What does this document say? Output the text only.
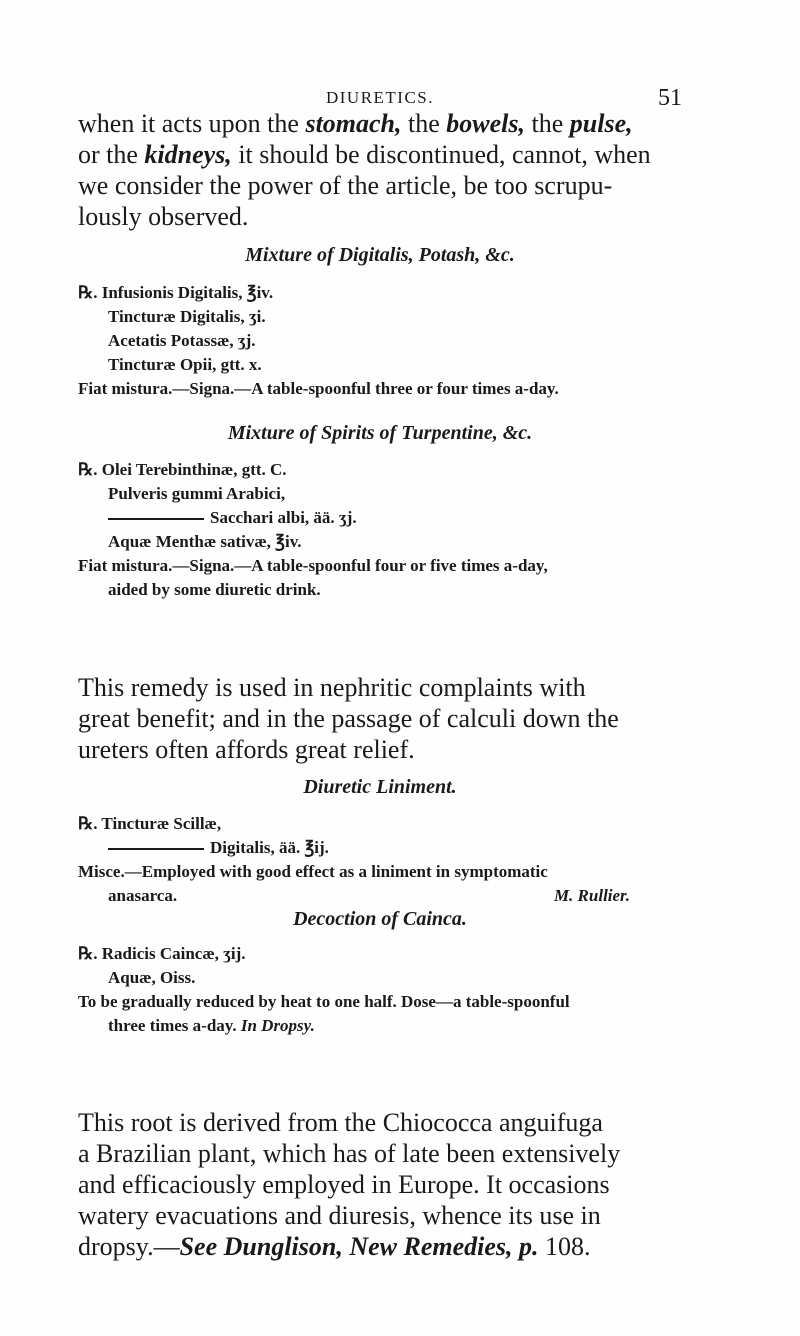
DIURETICS.	51
when it acts upon the stomach, the bowels, the pulse,
or the kidneys, it should be discontinued, cannot, when
we consider the power of the article, be too scrupu-
lously observed.
Mixture of Digitalis, Potash, &c.
℞. Infusionis Digitalis, ℥iv.
Tincturæ Digitalis, ʒi.
Acetatis Potassæ, ʒj.
Tincturæ Opii, gtt. x.
Fiat mistura.—Signa.—A table-spoonful three or four times a-day.
Mixture of Spirits of Turpentine, &c.
℞. Olei Terebinthinæ, gtt. C.
Pulveris gummi Arabici,
Sacchari albi, ää. ʒj.
Aquæ Menthæ sativæ, ℥iv.
Fiat mistura.—Signa.—A table-spoonful four or five times a-day,
aided by some diuretic drink.
This remedy is used in nephritic complaints with
great benefit; and in the passage of calculi down the
ureters often affords great relief.
Diuretic Liniment.
℞. Tincturæ Scillæ,
Digitalis, ää. ℥ij.
Misce.—Employed with good effect as a liniment in symptomatic
anasarca.	M. Rullier.
Decoction of Cainca.
℞. Radicis Caincæ, ʒij.
Aquæ, Oiss.
To be gradually reduced by heat to one half. Dose—a table-spoonful
three times a-day. In Dropsy.
This root is derived from the Chiococca anguifuga
a Brazilian plant, which has of late been extensively
and efficaciously employed in Europe. It occasions
watery evacuations and diuresis, whence its use in
dropsy.—See Dunglison, New Remedies, p. 108.
